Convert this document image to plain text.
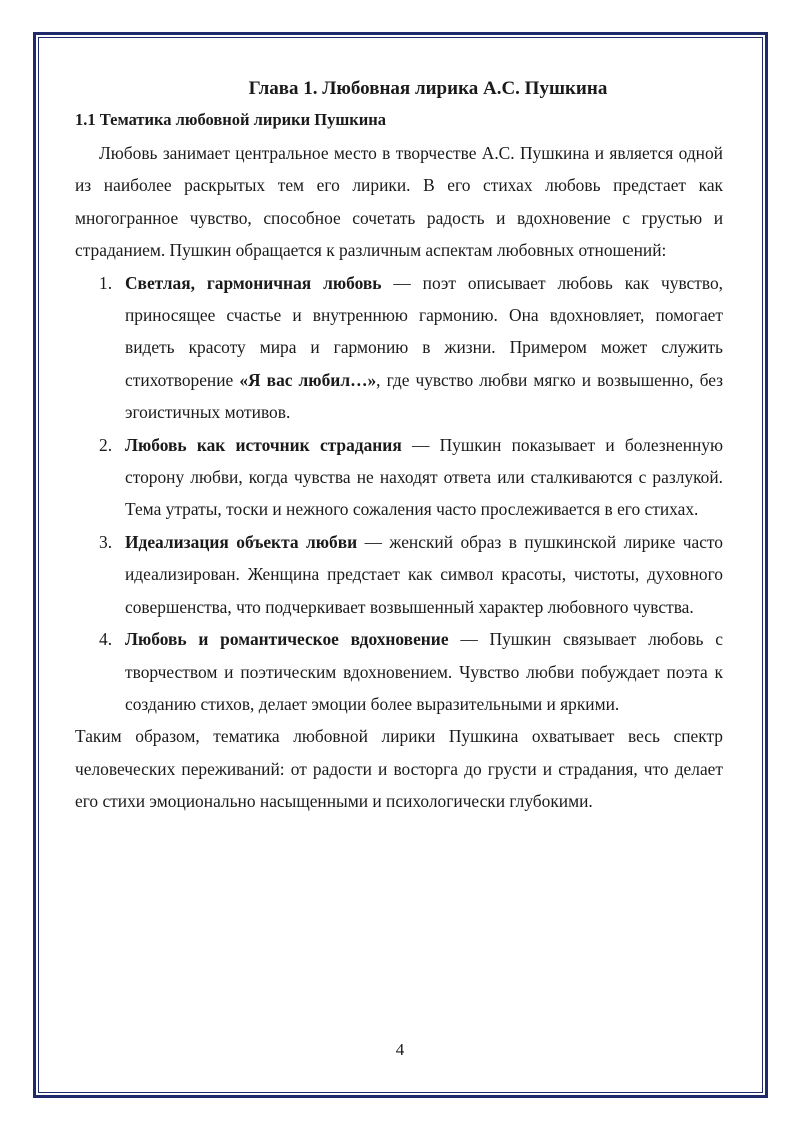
Глава 1. Любовная лирика А.С. Пушкина
1.1 Тематика любовной лирики Пушкина

Любовь занимает центральное место в творчестве А.С. Пушкина и является одной из наиболее раскрытых тем его лирики. В его стихах любовь предстает как многогранное чувство, способное сочетать радость и вдохновение с грустью и страданием. Пушкин обращается к различным аспектам любовных отношений:

1. Светлая, гармоничная любовь — поэт описывает любовь как чувство, приносящее счастье и внутреннюю гармонию. Она вдохновляет, помогает видеть красоту мира и гармонию в жизни. Примером может служить стихотворение «Я вас любил…», где чувство любви мягко и возвышенно, без эгоистичных мотивов.
2. Любовь как источник страдания — Пушкин показывает и болезненную сторону любви, когда чувства не находят ответа или сталкиваются с разлукой. Тема утраты, тоски и нежного сожаления часто прослеживается в его стихах.
3. Идеализация объекта любви — женский образ в пушкинской лирике часто идеализирован. Женщина предстает как символ красоты, чистоты, духовного совершенства, что подчеркивает возвышенный характер любовного чувства.
4. Любовь и романтическое вдохновение — Пушкин связывает любовь с творчеством и поэтическим вдохновением. Чувство любви побуждает поэта к созданию стихов, делает эмоции более выразительными и яркими.

Таким образом, тематика любовной лирики Пушкина охватывает весь спектр человеческих переживаний: от радости и восторга до грусти и страдания, что делает его стихи эмоционально насыщенными и психологически глубокими.

4
